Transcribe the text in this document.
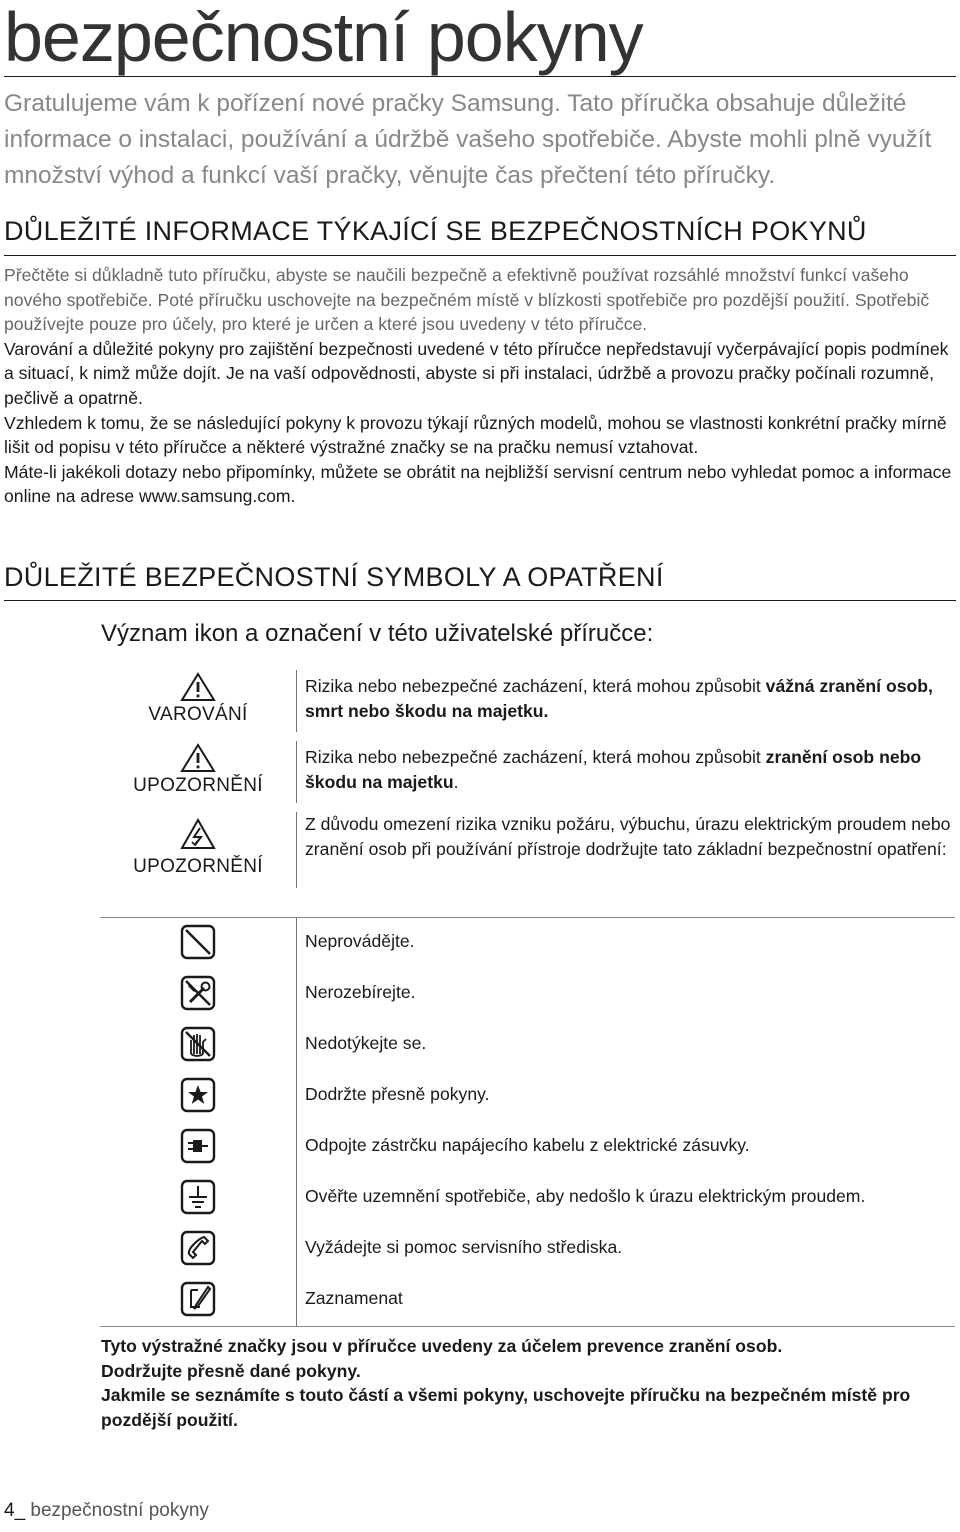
bezpečnostní pokyny

Gratulujeme vám k pořízení nové pračky Samsung. Tato příručka obsahuje důležité informace o instalaci, používání a údržbě vašeho spotřebiče. Abyste mohli plně využít množství výhod a funkcí vaší pračky, věnujte čas přečtení této příručky.

DŮLEŽITÉ INFORMACE TÝKAJÍCÍ SE BEZPEČNOSTNÍCH POKYNŮ
Přečtěte si důkladně tuto příručku, abyste se naučili bezpečně a efektivně používat rozsáhlé množství funkcí vašeho nového spotřebiče. Poté příručku uschovejte na bezpečném místě v blízkosti spotřebiče pro pozdější použití. Spotřebič používejte pouze pro účely, pro které je určen a které jsou uvedeny v této příručce.
Varování a důležité pokyny pro zajištění bezpečnosti uvedené v této příručce nepředstavují vyčerpávající popis podmínek a situací, k nimž může dojít. Je na vaší odpovědnosti, abyste si při instalaci, údržbě a provozu pračky počínali rozumně, pečlivě a opatrně.
Vzhledem k tomu, že se následující pokyny k provozu týkají různých modelů, mohou se vlastnosti konkrétní pračky mírně lišit od popisu v této příručce a některé výstražné značky se na pračku nemusí vztahovat.
Máte-li jakékoli dotazy nebo připomínky, můžete se obrátit na nejbližší servisní centrum nebo vyhledat pomoc a informace online na adrese www.samsung.com.
DŮLEŽITÉ BEZPEČNOSTNÍ SYMBOLY A OPATŘENÍ
Význam ikon a označení v této uživatelské příručce:
VAROVÁNÍ

Rizika nebo nebezpečné zacházení, která mohou způsobit vážná zranění osob, smrt nebo škodu na majetku.

UPOZORNĚNÍ

Rizika nebo nebezpečné zacházení, která mohou způsobit zranění osob nebo škodu na majetku.

UPOZORNĚNÍ

Z důvodu omezení rizika vzniku požáru, výbuchu, úrazu elektrickým proudem nebo zranění osob při používání přístroje dodržujte tato základní bezpečnostní opatření:

Neprovádějte.
Nerozebírejte.
Nedotýkejte se.
Dodržte přesně pokyny.
Odpojte zástrčku napájecího kabelu z elektrické zásuvky.
Ověřte uzemnění spotřebiče, aby nedošlo k úrazu elektrickým proudem.
Vyžádejte si pomoc servisního střediska.
Zaznamenat
Tyto výstražné značky jsou v příručce uvedeny za účelem prevence zranění osob.
Dodržujte přesně dané pokyny.
Jakmile se seznámíte s touto částí a všemi pokyny, uschovejte příručku na bezpečném místě pro pozdější použití.
4_ bezpečnostní pokyny
